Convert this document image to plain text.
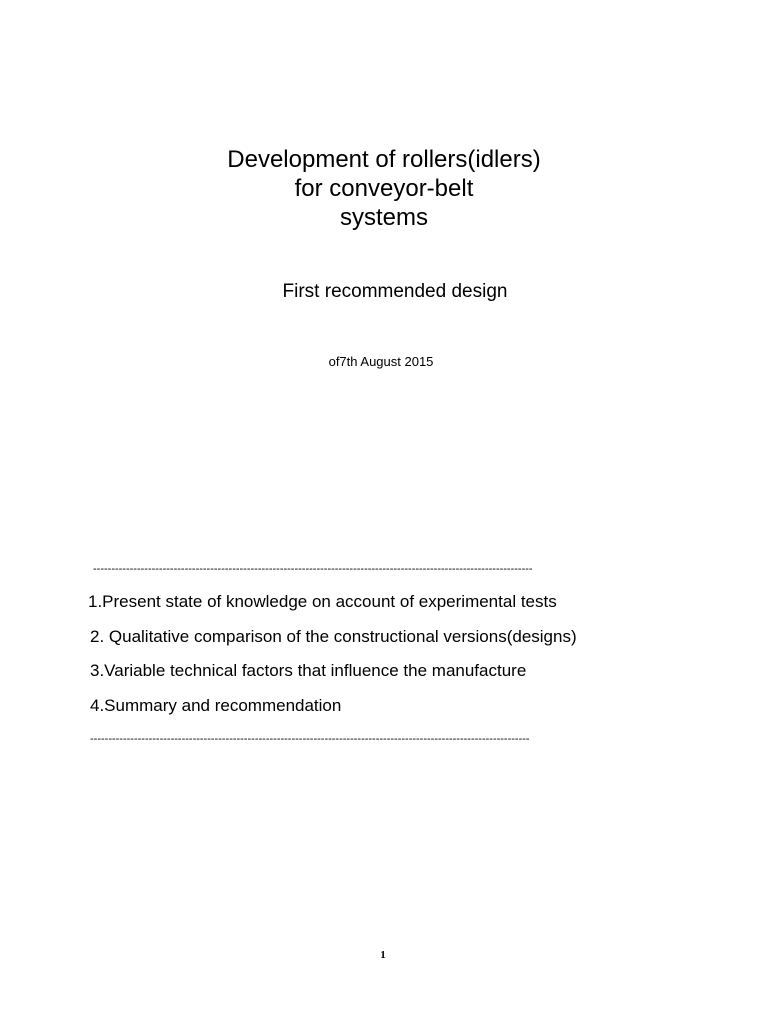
Development of rollers(idlers)
for conveyor-belt
systems
First recommended design
of7th August 2015
------------------------------------------------------------------------------------------------------------------------
1.Present state of knowledge on account of experimental tests
2. Qualitative comparison of the constructional versions(designs)
3.Variable technical factors that influence the manufacture
4.Summary and recommendation
------------------------------------------------------------------------------------------------------------------------
1
